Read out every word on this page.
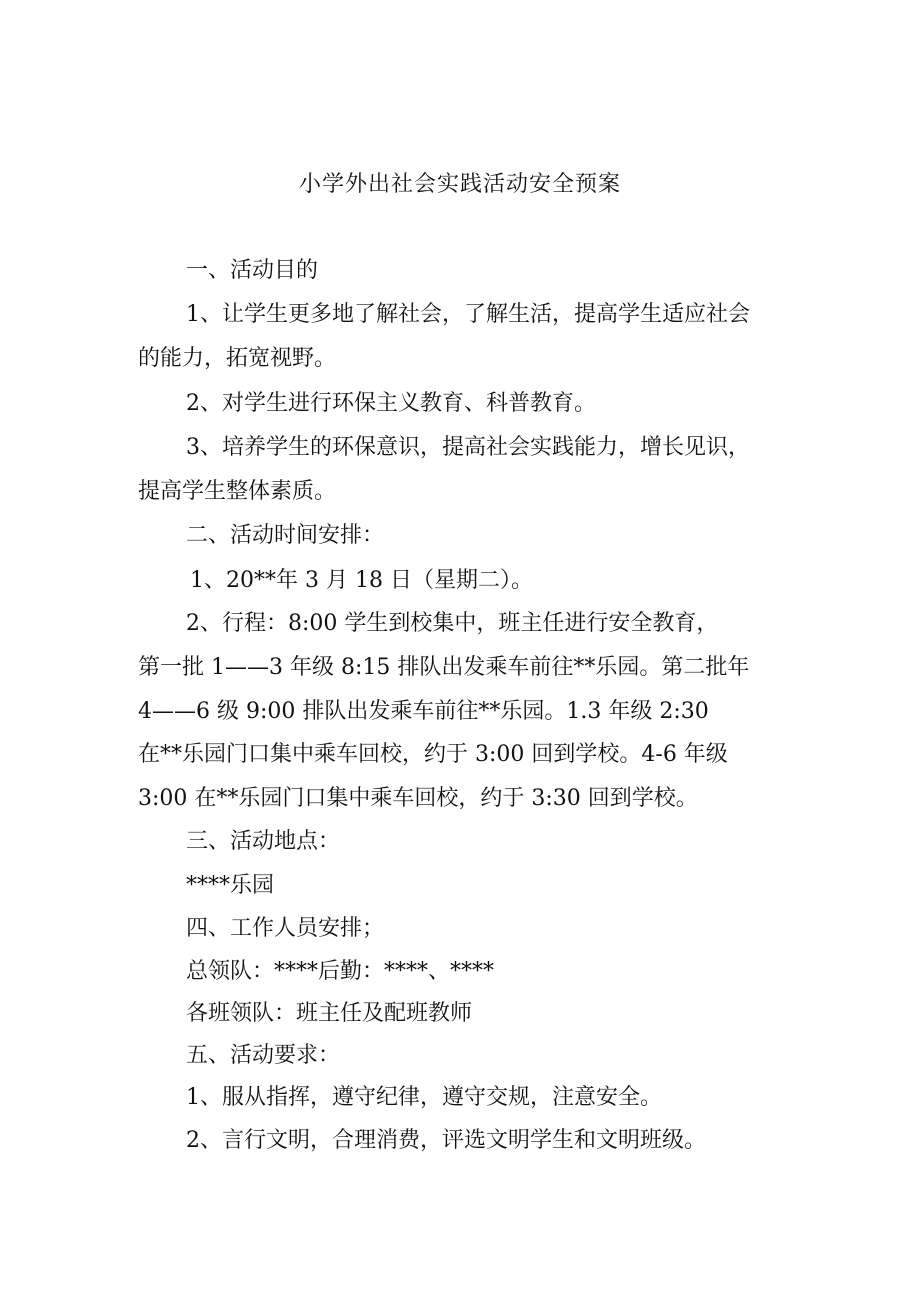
小学外出社会实践活动安全预案
一、活动目的
1、让学生更多地了解社会，了解生活，提高学生适应社会
的能力，拓宽视野。
2、对学生进行环保主义教育、科普教育。
3、培养学生的环保意识，提高社会实践能力，增长见识，
提高学生整体素质。
二、活动时间安排：
1、20**年 3 月 18 日（星期二）。
2、行程：8:00 学生到校集中，班主任进行安全教育，
第一批 1——3 年级 8:15 排队出发乘车前往**乐园。第二批年
4——6 级 9:00 排队出发乘车前往**乐园。1.3 年级 2:30
在**乐园门口集中乘车回校，约于 3:00 回到学校。4-6 年级
3:00 在**乐园门口集中乘车回校，约于 3:30 回到学校。
三、活动地点：
****乐园
四、工作人员安排；
总领队：****后勤：****、****
各班领队：班主任及配班教师
五、活动要求：
1、服从指挥，遵守纪律，遵守交规，注意安全。
2、言行文明，合理消费，评选文明学生和文明班级。
